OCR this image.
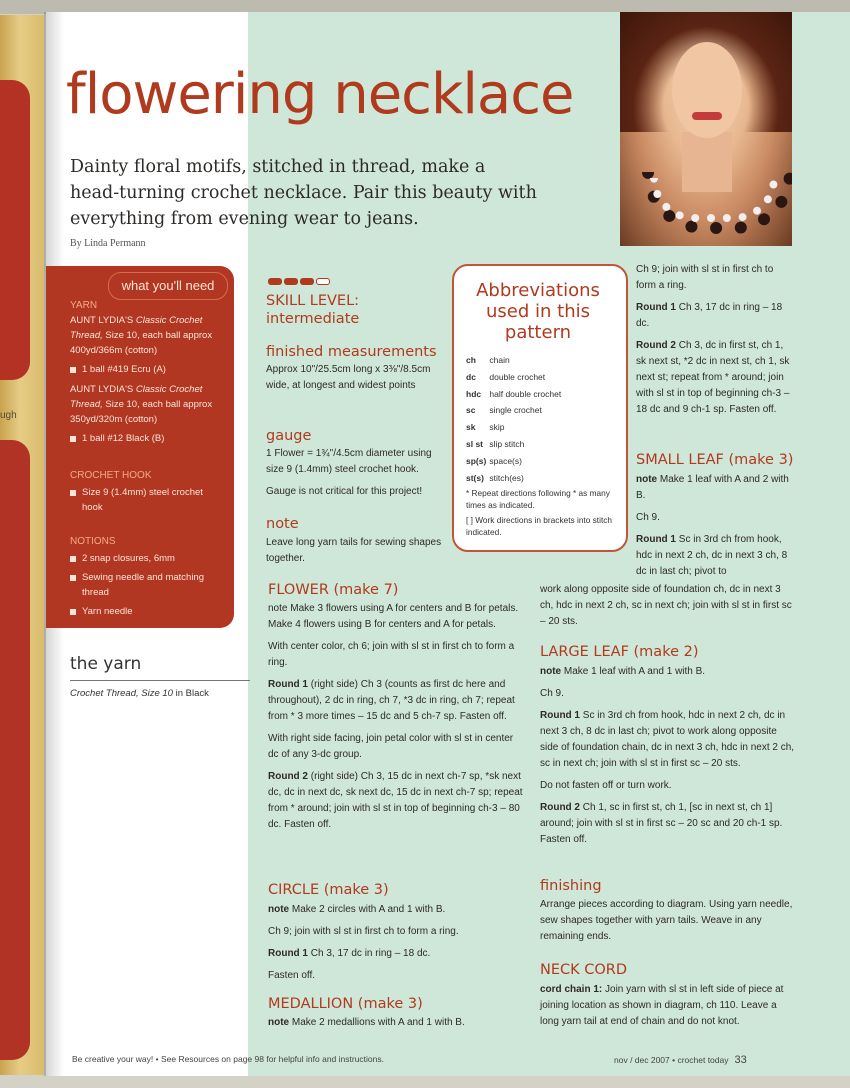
ugh
flowering necklace
Dainty floral motifs, stitched in thread, make a head-turning crochet necklace. Pair this beauty with everything from evening wear to jeans.
By Linda Permann
what you'll need
YARN
AUNT LYDIA'S Classic Crochet Thread, Size 10, each ball approx 400yd/366m (cotton)
1 ball #419 Ecru (A)
AUNT LYDIA'S Classic Crochet Thread, Size 10, each ball approx 350yd/320m (cotton)
1 ball #12 Black (B)
CROCHET HOOK
Size 9 (1.4mm) steel crochet hook
NOTIONS
2 snap closures, 6mm
Sewing needle and matching thread
Yarn needle
the yarn
Crochet Thread, Size 10 in Black
SKILL LEVEL:
intermediate
finished measurements
Approx 10"/25.5cm long x 3⅜"/8.5cm wide, at longest and widest points
gauge

1 Flower = 1¾"/4.5cm diameter using size 9 (1.4mm) steel crochet hook.

Gauge is not critical for this project!

note
Leave long yarn tails for sewing shapes together.
FLOWER (make 7)

note Make 3 flowers using A for centers and B for petals. Make 4 flowers using B for centers and A for petals.

With center color, ch 6; join with sl st in first ch to form a ring.

Round 1 (right side) Ch 3 (counts as first dc here and throughout), 2 dc in ring, ch 7, *3 dc in ring, ch 7; repeat from * 3 more times – 15 dc and 5 ch-7 sp. Fasten off.

With right side facing, join petal color with sl st in center dc of any 3-dc group.

Round 2 (right side) Ch 3, 15 dc in next ch-7 sp, *sk next dc, dc in next dc, sk next dc, 15 dc in next ch-7 sp; repeat from * around; join with sl st in top of beginning ch-3 – 80 dc. Fasten off.

CIRCLE (make 3)

note Make 2 circles with A and 1 with B.

Ch 9; join with sl st in first ch to form a ring.

Round 1 Ch 3, 17 dc in ring – 18 dc.

Fasten off.

MEDALLION (make 3)

note Make 2 medallions with A and 1 with B.

Abbreviations used in this pattern
ch chain
dc double crochet
hdc half double crochet
sc single crochet
sk skip
sl st slip stitch
sp(s) space(s)
st(s) stitch(es)
* Repeat directions following * as many times as indicated.
[ ] Work directions in brackets into stitch indicated.

Ch 9; join with sl st in first ch to form a ring.

Round 1 Ch 3, 17 dc in ring – 18 dc.

Round 2 Ch 3, dc in first st, ch 1, sk next st, *2 dc in next st, ch 1, sk next st; repeat from * around; join with sl st in top of beginning ch-3 – 18 dc and 9 ch-1 sp. Fasten off.

SMALL LEAF (make 3)

note Make 1 leaf with A and 2 with B.

Ch 9.

Round 1 Sc in 3rd ch from hook, hdc in next 2 ch, dc in next 3 ch, 8 dc in last ch; pivot to

work along opposite side of foundation ch, dc in next 3 ch, hdc in next 2 ch, sc in next ch; join with sl st in first sc – 20 sts.
LARGE LEAF (make 2)

note Make 1 leaf with A and 1 with B.

Ch 9.

Round 1 Sc in 3rd ch from hook, hdc in next 2 ch, dc in next 3 ch, 8 dc in last ch; pivot to work along opposite side of foundation chain, dc in next 3 ch, hdc in next 2 ch, sc in next ch; join with sl st in first sc – 20 sts.

Do not fasten off or turn work.

Round 2 Ch 1, sc in first st, ch 1, [sc in next st, ch 1] around; join with sl st in first sc – 20 sc and 20 ch-1 sp. Fasten off.

finishing
Arrange pieces according to diagram. Using yarn needle, sew shapes together with yarn tails. Weave in any remaining ends.
NECK CORD
cord chain 1: Join yarn with sl st in left side of piece at joining location as shown in diagram, ch 110. Leave a long yarn tail at end of chain and do not knot.
Be creative your way! • See Resources on page 98 for helpful info and instructions.	nov / dec 2007 • crochet today 33
